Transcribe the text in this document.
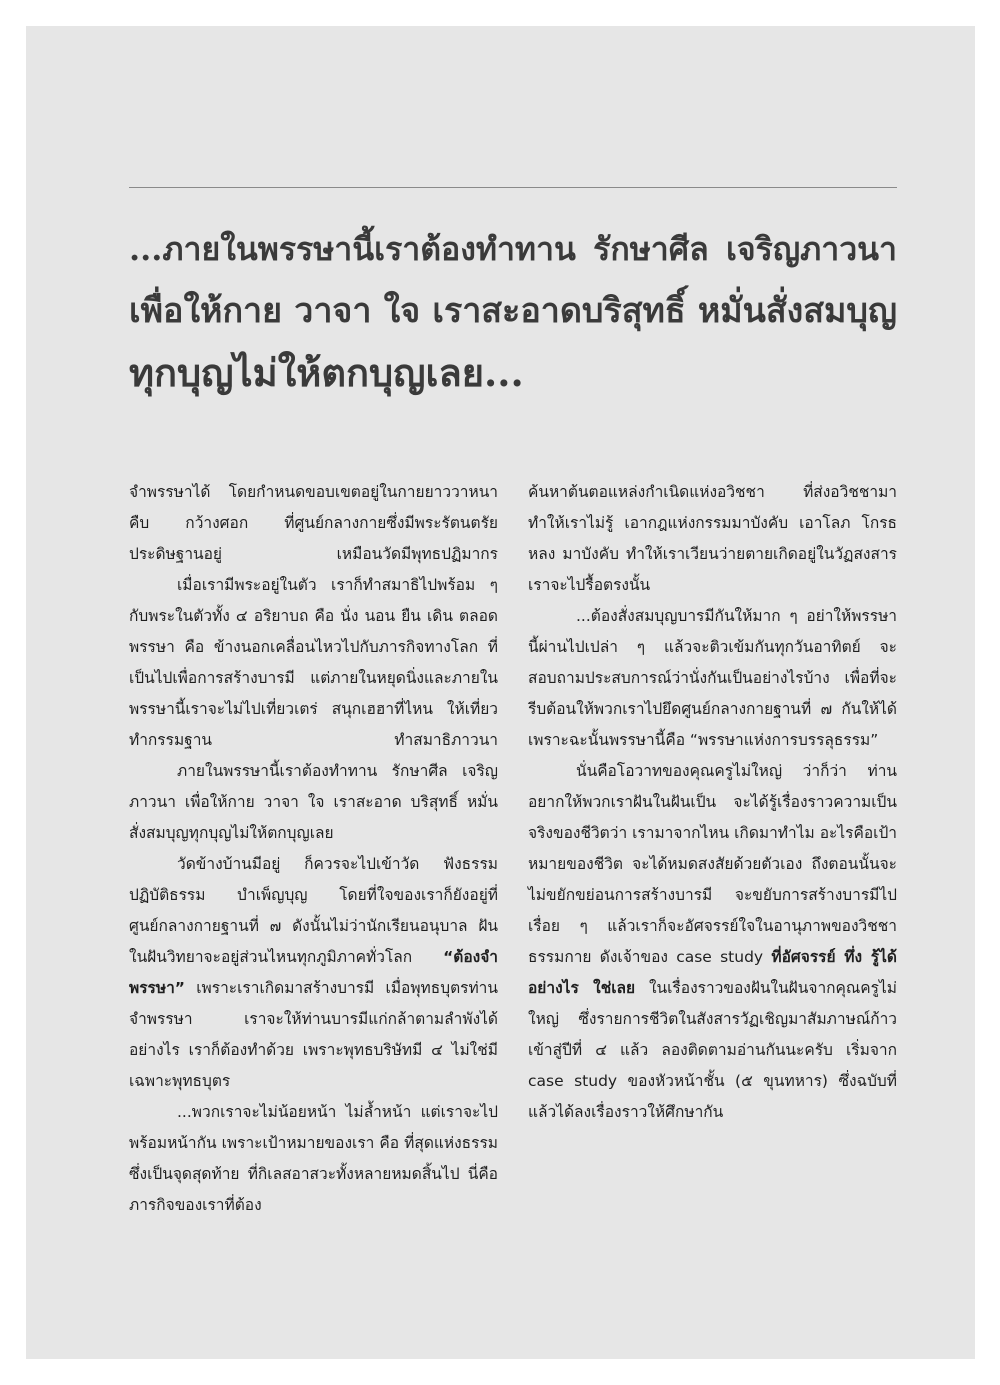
...ภายในพรรษานี้เราต้องทำทาน รักษาศีล เจริญภาวนา
เพื่อให้กาย วาจา ใจ เราสะอาดบริสุทธิ์ หมั่นสั่งสมบุญ
ทุกบุญไม่ให้ตกบุญเลย...

จำพรรษาได้ โดยกำหนดขอบเขตอยู่ในกายยาววาหนาคืบ กว้างศอก ที่ศูนย์กลางกายซึ่งมีพระรัตนตรัยประดิษฐานอยู่ เหมือนวัดมีพุทธปฏิมากร

เมื่อเรามีพระอยู่ในตัว เราก็ทำสมาธิไปพร้อม ๆ กับพระในตัวทั้ง ๔ อริยาบถ คือ นั่ง นอน ยืน เดิน ตลอดพรรษา คือ ข้างนอกเคลื่อนไหวไปกับภารกิจทางโลก ที่เป็นไปเพื่อการสร้างบารมี แต่ภายในหยุดนิ่งและภายในพรรษานี้เราจะไม่ไปเที่ยวเตร่ สนุกเฮฮาที่ไหน ให้เที่ยวทำกรรมฐาน ทำสมาธิภาวนา

ภายในพรรษานี้เราต้องทำทาน รักษาศีล เจริญภาวนา เพื่อให้กาย วาจา ใจ เราสะอาด บริสุทธิ์ หมั่นสั่งสมบุญทุกบุญไม่ให้ตกบุญเลย

วัดข้างบ้านมีอยู่ ก็ควรจะไปเข้าวัด ฟังธรรม ปฏิบัติธรรม บำเพ็ญบุญ โดยที่ใจของเราก็ยังอยู่ที่ศูนย์กลางกายฐานที่ ๗ ดังนั้นไม่ว่านักเรียนอนุบาล ฝันในฝันวิทยาจะอยู่ส่วนไหนทุกภูมิภาคทั่วโลก “ต้องจำพรรษา” เพราะเราเกิดมาสร้างบารมี เมื่อพุทธบุตรท่านจำพรรษา เราจะให้ท่านบารมีแก่กล้าตามลำพังได้อย่างไร เราก็ต้องทำด้วย เพราะพุทธบริษัทมี ๔ ไม่ใช่มีเฉพาะพุทธบุตร

...พวกเราจะไม่น้อยหน้า ไม่ล้ำหน้า แต่เราจะไปพร้อมหน้ากัน เพราะเป้าหมายของเรา คือ ที่สุดแห่งธรรม ซึ่งเป็นจุดสุดท้าย ที่กิเลสอาสวะทั้งหลายหมดสิ้นไป นี่คือภารกิจของเราที่ต้อง

ค้นหาต้นตอแหล่งกำเนิดแห่งอวิชชา ที่ส่งอวิชชามา ทำให้เราไม่รู้ เอากฎแห่งกรรมมาบังคับ เอาโลภ โกรธ หลง มาบังคับ ทำให้เราเวียนว่ายตายเกิดอยู่ในวัฏสงสาร เราจะไปรื้อตรงนั้น

...ต้องสั่งสมบุญบารมีกันให้มาก ๆ อย่าให้พรรษานี้ผ่านไปเปล่า ๆ แล้วจะติวเข้มกันทุกวันอาทิตย์ จะสอบถามประสบการณ์ว่านั่งกันเป็นอย่างไรบ้าง เพื่อที่จะรีบต้อนให้พวกเราไปยึดศูนย์กลางกายฐานที่ ๗ กันให้ได้ เพราะฉะนั้นพรรษานี้คือ “พรรษาแห่งการบรรลุธรรม”

นั่นคือโอวาทของคุณครูไม่ใหญ่ ว่าก็ว่า ท่านอยากให้พวกเราฝันในฝันเป็น จะได้รู้เรื่องราวความเป็นจริงของชีวิตว่า เรามาจากไหน เกิดมาทำไม อะไรคือเป้าหมายของชีวิต จะได้หมดสงสัยด้วยตัวเอง ถึงตอนนั้นจะไม่ขยักขย่อนการสร้างบารมี จะขยับการสร้างบารมีไปเรื่อย ๆ แล้วเราก็จะอัศจรรย์ใจในอานุภาพของวิชชาธรรมกาย ดังเจ้าของ case study ที่อัศจรรย์ ทึ่ง รู้ได้อย่างไร ใช่เลย ในเรื่องราวของฝันในฝันจากคุณครูไม่ใหญ่ ซึ่งรายการชีวิตในสังสารวัฏเชิญมาสัมภาษณ์ก้าวเข้าสู่ปีที่ ๔ แล้ว ลองติดตามอ่านกันนะครับ เริ่มจาก case study ของหัวหน้าชั้น (๕ ขุนทหาร) ซึ่งฉบับที่แล้วได้ลงเรื่องราวให้ศึกษากัน
